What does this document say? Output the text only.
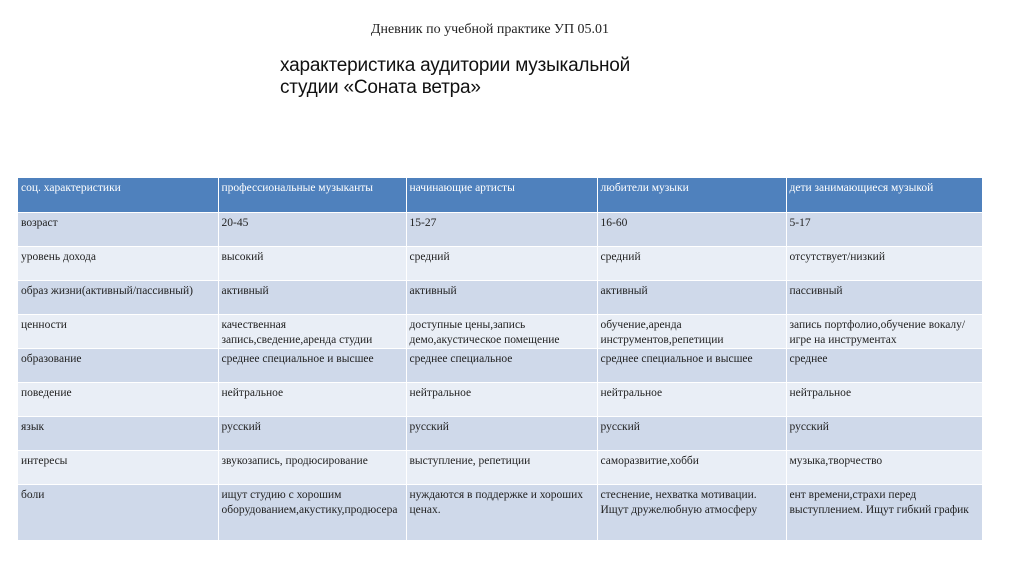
Дневник по учебной практике УП 05.01
характеристика аудитории музыкальной
студии «Соната ветра»
соц. характеристики	профессиональные музыканты	начинающие артисты	любители музыки	дети занимающиеся музыкой
возраст	20-45	15-27	16-60	5-17
уровень дохода	высокий	средний	средний	отсутствует/низкий
образ жизни(активный/пассивный)	активный	активный	активный	пассивный
ценности	качественная запись,сведение,аренда студии	доступные цены,запись демо,акустическое помещение	обучение,аренда инструментов,репетиции	запись портфолио,обучение вокалу/игре на инструментах
образование	среднее специальное и высшее	среднее специальное	среднее специальное и высшее	среднее
поведение	нейтральное	нейтральное	нейтральное	нейтральное
язык	русский	русский	русский	русский
интересы	звукозапись, продюсирование	выступление, репетиции	саморазвитие,хобби	музыка,творчество
боли	ищут студию с хорошим оборудованием,акустику,продюсера	нуждаются в поддержке и хороших ценах.	стеснение, нехватка мотивации. Ищут дружелюбную атмосферу	ент времени,страхи перед выступлением. Ищут гибкий график
